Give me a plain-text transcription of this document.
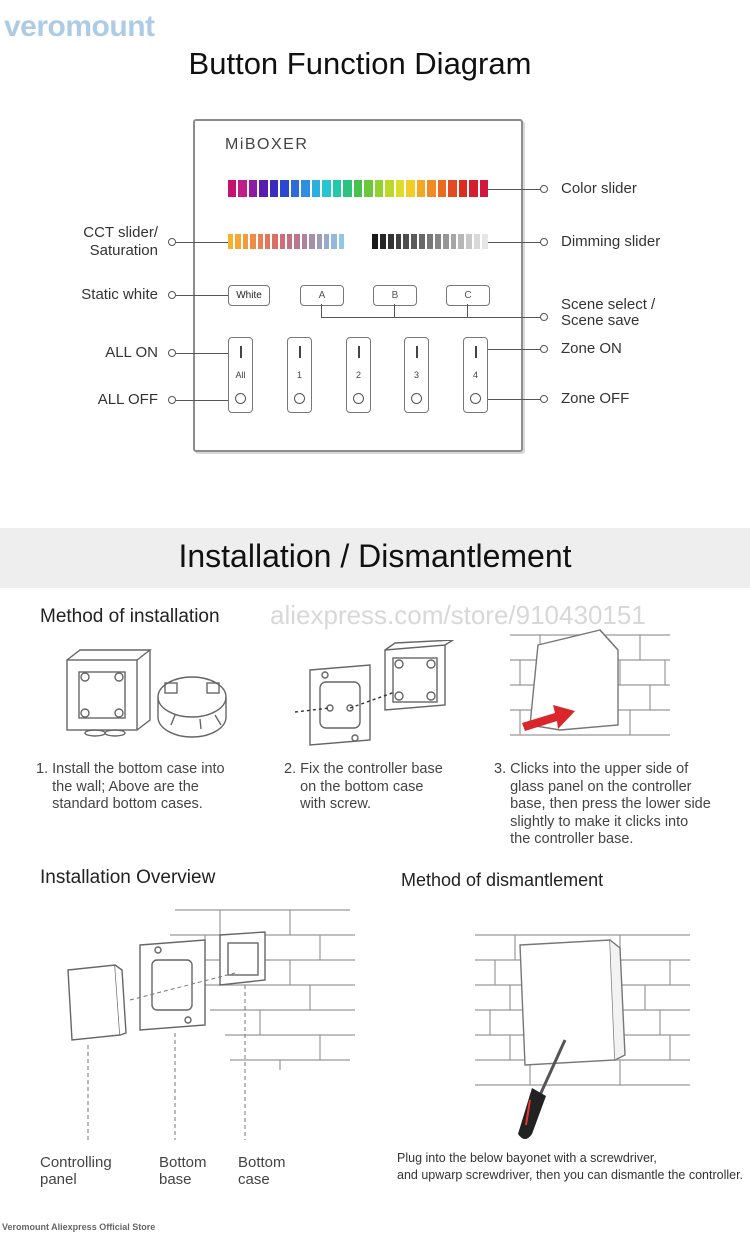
veromount
Button Function Diagram
MiBOXER
White	A	B	C
All	1	2	3	4
CCT slider/
Saturation
Static white
ALL ON
ALL OFF
Color slider
Dimming slider
Scene select /
Scene save
Zone ON
Zone OFF
Installation / Dismantlement
aliexpress.com/store/910430151
Method of installation
1. Install the bottom case into
the wall; Above are the
standard bottom cases.
2. Fix the controller base
on the bottom case
with screw.
3. Clicks into the upper side of
glass panel on the controller
base, then press the lower side
slightly to make it clicks into
the controller base.
Installation Overview	Method of dismantlement
Controlling
panel
Bottom
base
Bottom
case
Plug into the below bayonet with a screwdriver,
and upwarp screwdriver, then you can dismantle the controller.
Veromount Aliexpress Official Store
